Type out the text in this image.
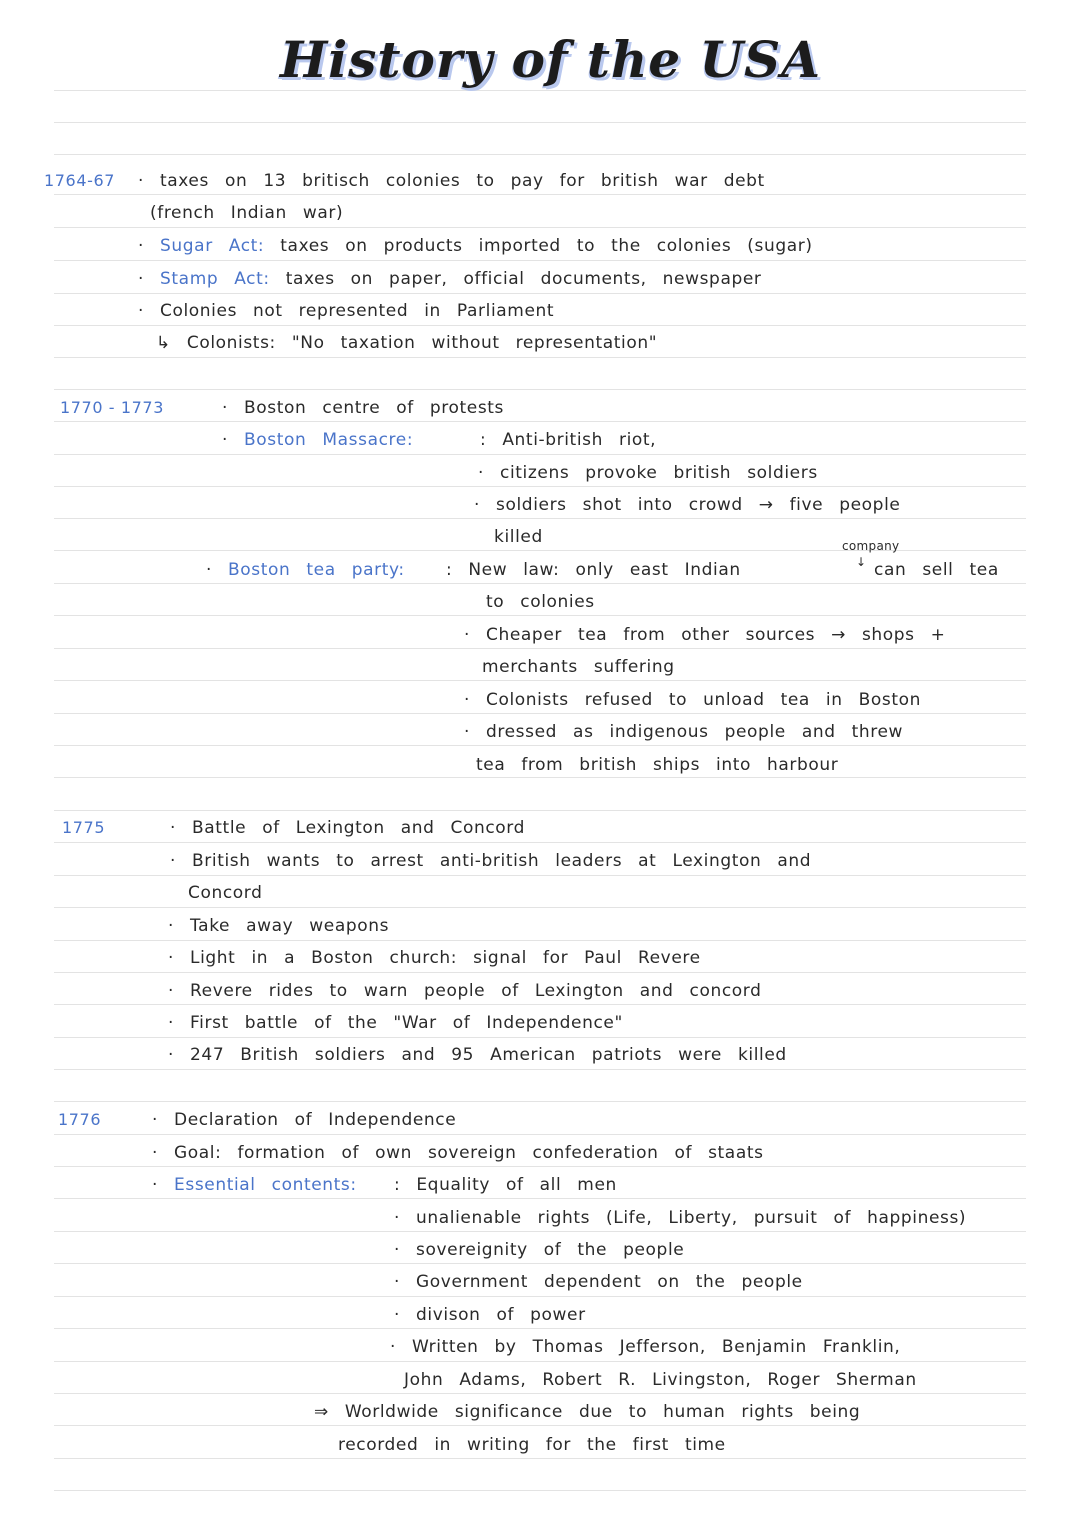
History of the USA
1764-67 · taxes on 13 britisch colonies to pay for british war debt
(french Indian war)
· Sugar Act: taxes on products imported to the colonies (sugar)
· Stamp Act: taxes on paper, official documents, newspaper
· Colonies not represented in Parliament
↳ Colonists: "No taxation without representation"
1770 - 1773	· Boston centre of protests
· Boston Massacre:	: Anti-british riot,
· citizens provoke british soldiers
· soldiers shot into crowd → five people
killed
· Boston tea party: : New law: only east Indian
company
↓ can sell tea
to colonies
· Cheaper tea from other sources → shops +
merchants suffering
· Colonists refused to unload tea in Boston
· dressed as indigenous people and threw
tea from british ships into harbour
1775	· Battle of Lexington and Concord
· British wants to arrest anti-british leaders at Lexington and
Concord
· Take away weapons
· Light in a Boston church: signal for Paul Revere
· Revere rides to warn people of Lexington and concord
· First battle of the "War of Independence"
· 247 British soldiers and 95 American patriots were killed
1776	· Declaration of Independence
· Goal: formation of own sovereign confederation of staats
· Essential contents: : Equality of all men
· unalienable rights (Life, Liberty, pursuit of happiness)
· sovereignity of the people
· Government dependent on the people
· divison of power
· Written by Thomas Jefferson, Benjamin Franklin,
John Adams, Robert R. Livingston, Roger Sherman
⇒ Worldwide significance due to human rights being
recorded in writing for the first time
